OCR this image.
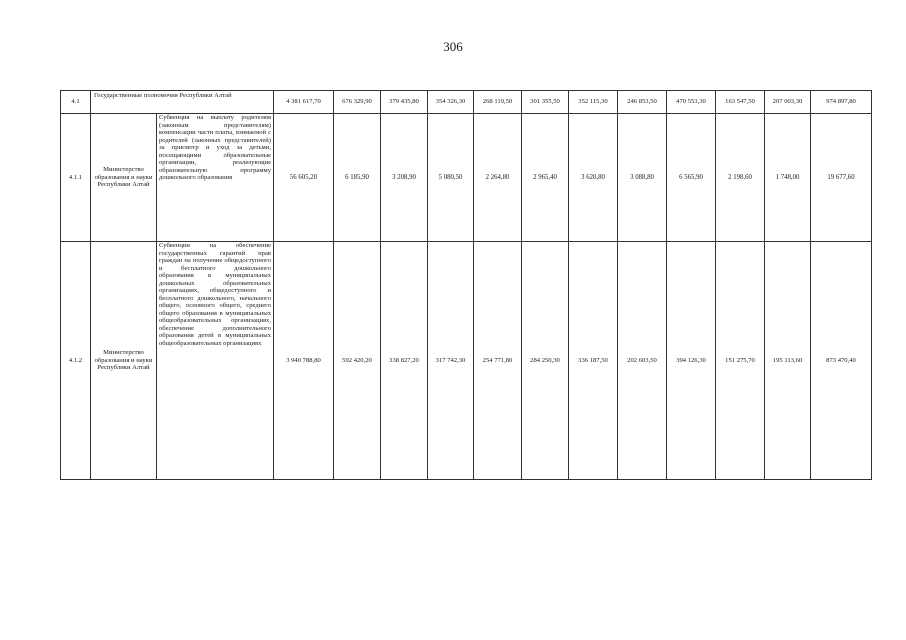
306
4.1	Государственные полномочия Республики Алтай		4 381 617,70	676 329,90	379 435,80	354 326,30	268 119,50	301 355,50	352 115,30	246 853,50	470 553,30	163 547,50	207 003,30	974 897,80
4.1.1	Министерство образования и науки Республики Алтай	Субвенция на выплату родителям (законным представителям) компенсации части платы, взимаемой с родителей (законных представителей) за присмотр и уход за детьми, посещающими образовательные организации, реализующие образовательную программу дошкольного образования	56 605,20	6 185,90	3 208,90	5 080,50	2 264,80	2 965,40	3 620,80	3 088,80	6 565,90	2 198,60	1 748,00	19 677,60
4.1.2	Министерство образования и науки Республики Алтай	Субвенции на обеспечение государственных гарантий прав граждан на получение общедоступного и бесплатного дошкольного образования в муниципальных дошкольных образовательных организациях, общедоступного и бесплатного дошкольного, начального общего, основного общего, среднего общего образования в муниципальных общеобразовательных организациях, обеспечение дополнительного образования детей в муниципальных общеобразовательных организациях	3 940 788,80	592 420,20	338 827,20	317 742,30	254 771,80	284 250,30	336 187,50	202 603,50	394 126,30	151 275,70	195 113,60	873 470,40
